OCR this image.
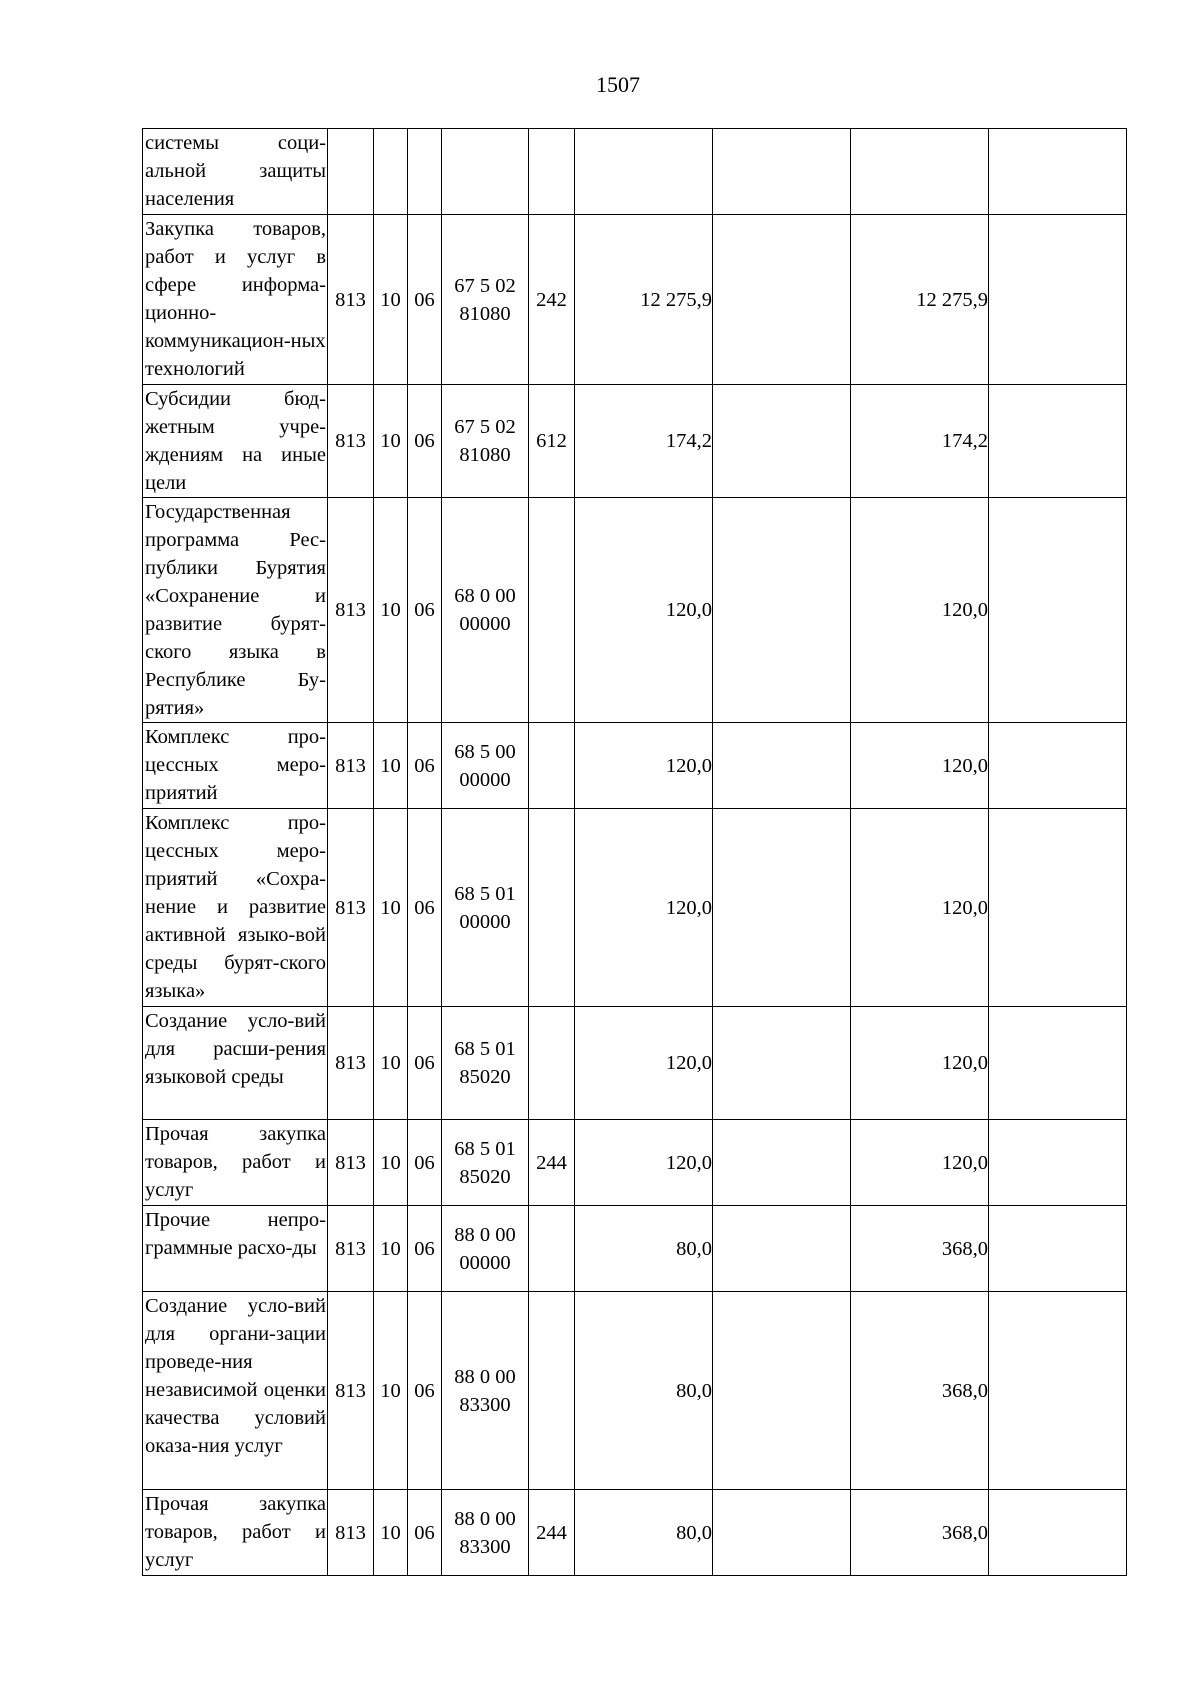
1507
системы соци-альной защиты населения									
Закупка товаров, работ и услуг в сфере информа-ционно-коммуникацион-ных технологий	813	10	06	67 5 02 81080	242	12 275,9		12 275,9	
Субсидии бюд-жетным учре-ждениям на иные цели	813	10	06	67 5 02 81080	612	174,2		174,2	
Государственная программа Рес-публики Бурятия «Сохранение и развитие бурят-ского языка в Республике Бу-рятия»	813	10	06	68 0 00 00000		120,0		120,0	
Комплекс про-цессных меро-приятий	813	10	06	68 5 00 00000		120,0		120,0	
Комплекс про-цессных меро-приятий «Сохра-нение и развитие активной языко-вой среды бурят-ского языка»	813	10	06	68 5 01 00000		120,0		120,0	
Создание усло-вий для расши-рения языковой среды	813	10	06	68 5 01 85020		120,0		120,0	
Прочая закупка товаров, работ и услуг	813	10	06	68 5 01 85020	244	120,0		120,0	
Прочие непро-граммные расхо-ды	813	10	06	88 0 00 00000		80,0		368,0	
Создание усло-вий для органи-зации проведе-ния независимой оценки качества условий оказа-ния услуг	813	10	06	88 0 00 83300		80,0		368,0	
Прочая закупка товаров, работ и услуг	813	10	06	88 0 00 83300	244	80,0		368,0	
